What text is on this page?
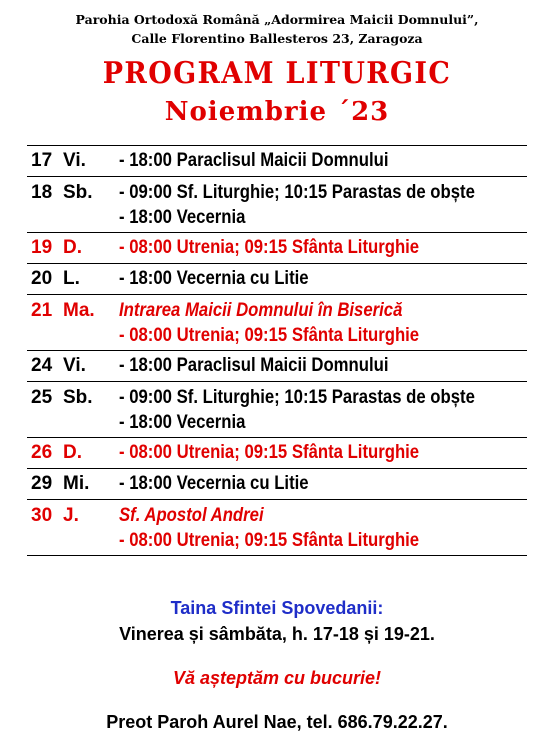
Parohia Ortodoxă Română „Adormirea Maicii Domnului”,
Calle Florentino Ballesteros 23, Zaragoza
PROGRAM LITURGIC
Noiembrie ´23
17 Vi. - 18:00 Paraclisul Maicii Domnului
18 Sb. - 09:00 Sf. Liturghie; 10:15 Parastas de obște
- 18:00 Vecernia
19 D. - 08:00 Utrenia; 09:15 Sfânta Liturghie
20 L. - 18:00 Vecernia cu Litie
21 Ma. Intrarea Maicii Domnului în Biserică
- 08:00 Utrenia; 09:15 Sfânta Liturghie
24 Vi. - 18:00 Paraclisul Maicii Domnului
25 Sb. - 09:00 Sf. Liturghie; 10:15 Parastas de obște
- 18:00 Vecernia
26 D. - 08:00 Utrenia; 09:15 Sfânta Liturghie
29 Mi. - 18:00 Vecernia cu Litie
30 J. Sf. Apostol Andrei
- 08:00 Utrenia; 09:15 Sfânta Liturghie
Taina Sfintei Spovedanii:
Vinerea și sâmbăta, h. 17-18 și 19-21.
Vă așteptăm cu bucurie!
Preot Paroh Aurel Nae, tel. 686.79.22.27.
